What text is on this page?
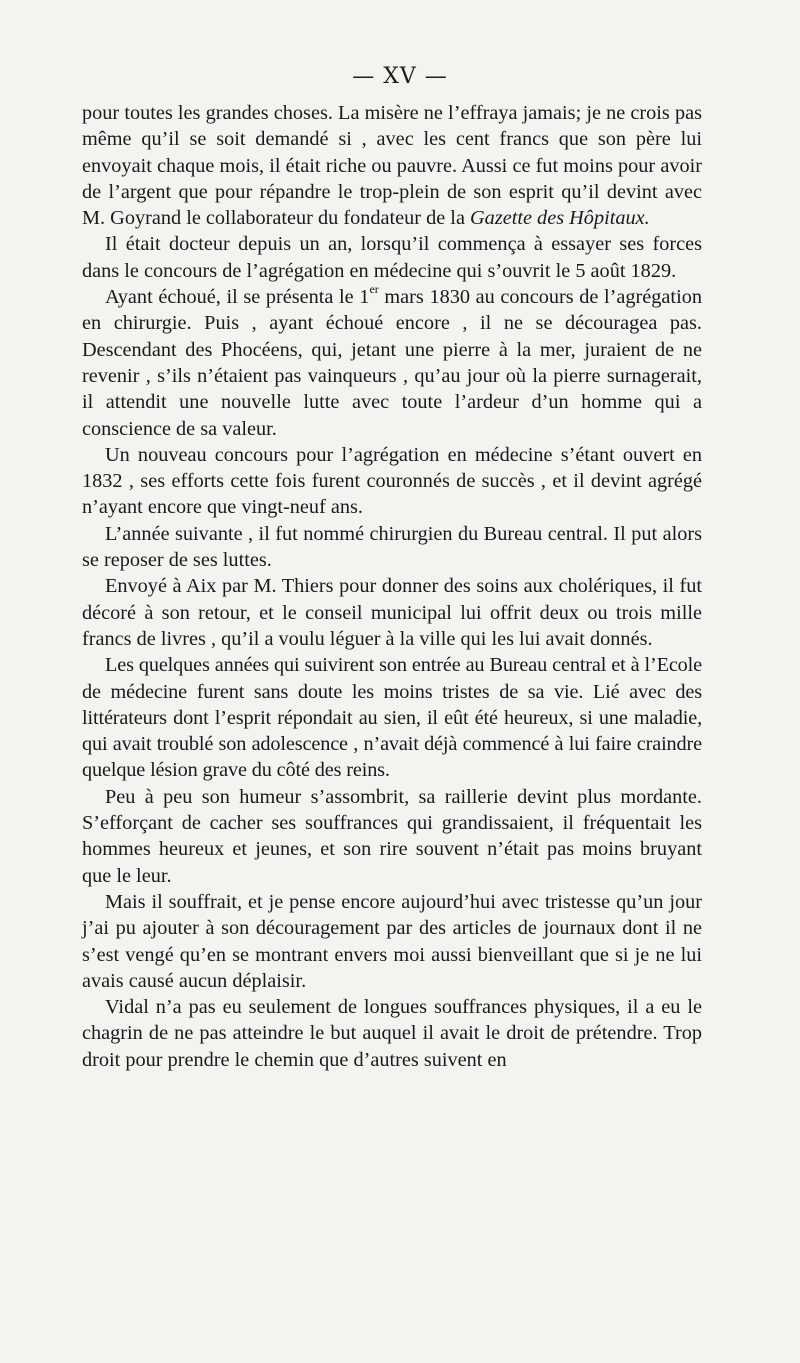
— XV —

pour toutes les grandes choses. La misère ne l’effraya jamais; je ne crois pas même qu’il se soit demandé si , avec les cent francs que son père lui envoyait chaque mois, il était riche ou pauvre. Aussi ce fut moins pour avoir de l’argent que pour répandre le trop-plein de son esprit qu’il devint avec M. Goyrand le collaborateur du fondateur de la Gazette des Hôpitaux.

Il était docteur depuis un an, lorsqu’il commença à essayer ses forces dans le concours de l’agrégation en médecine qui s’ouvrit le 5 août 1829.

Ayant échoué, il se présenta le 1er mars 1830 au concours de l’agrégation en chirurgie. Puis , ayant échoué encore , il ne se découragea pas. Descendant des Phocéens, qui, jetant une pierre à la mer, juraient de ne revenir , s’ils n’étaient pas vainqueurs , qu’au jour où la pierre surnagerait, il attendit une nouvelle lutte avec toute l’ardeur d’un homme qui a conscience de sa valeur.

Un nouveau concours pour l’agrégation en médecine s’étant ouvert en 1832 , ses efforts cette fois furent couronnés de succès , et il devint agrégé n’ayant encore que vingt-neuf ans.

L’année suivante , il fut nommé chirurgien du Bureau central. Il put alors se reposer de ses luttes.

Envoyé à Aix par M. Thiers pour donner des soins aux cholériques, il fut décoré à son retour, et le conseil municipal lui offrit deux ou trois mille francs de livres , qu’il a voulu léguer à la ville qui les lui avait donnés.

Les quelques années qui suivirent son entrée au Bureau central et à l’Ecole de médecine furent sans doute les moins tristes de sa vie. Lié avec des littérateurs dont l’esprit répondait au sien, il eût été heureux, si une maladie, qui avait troublé son adolescence , n’avait déjà commencé à lui faire craindre quelque lésion grave du côté des reins.

Peu à peu son humeur s’assombrit, sa raillerie devint plus mordante. S’efforçant de cacher ses souffrances qui grandissaient, il fréquentait les hommes heureux et jeunes, et son rire souvent n’était pas moins bruyant que le leur.

Mais il souffrait, et je pense encore aujourd’hui avec tristesse qu’un jour j’ai pu ajouter à son découragement par des articles de journaux dont il ne s’est vengé qu’en se montrant envers moi aussi bienveillant que si je ne lui avais causé aucun déplaisir.

Vidal n’a pas eu seulement de longues souffrances physiques, il a eu le chagrin de ne pas atteindre le but auquel il avait le droit de prétendre. Trop droit pour prendre le chemin que d’autres suivent en
